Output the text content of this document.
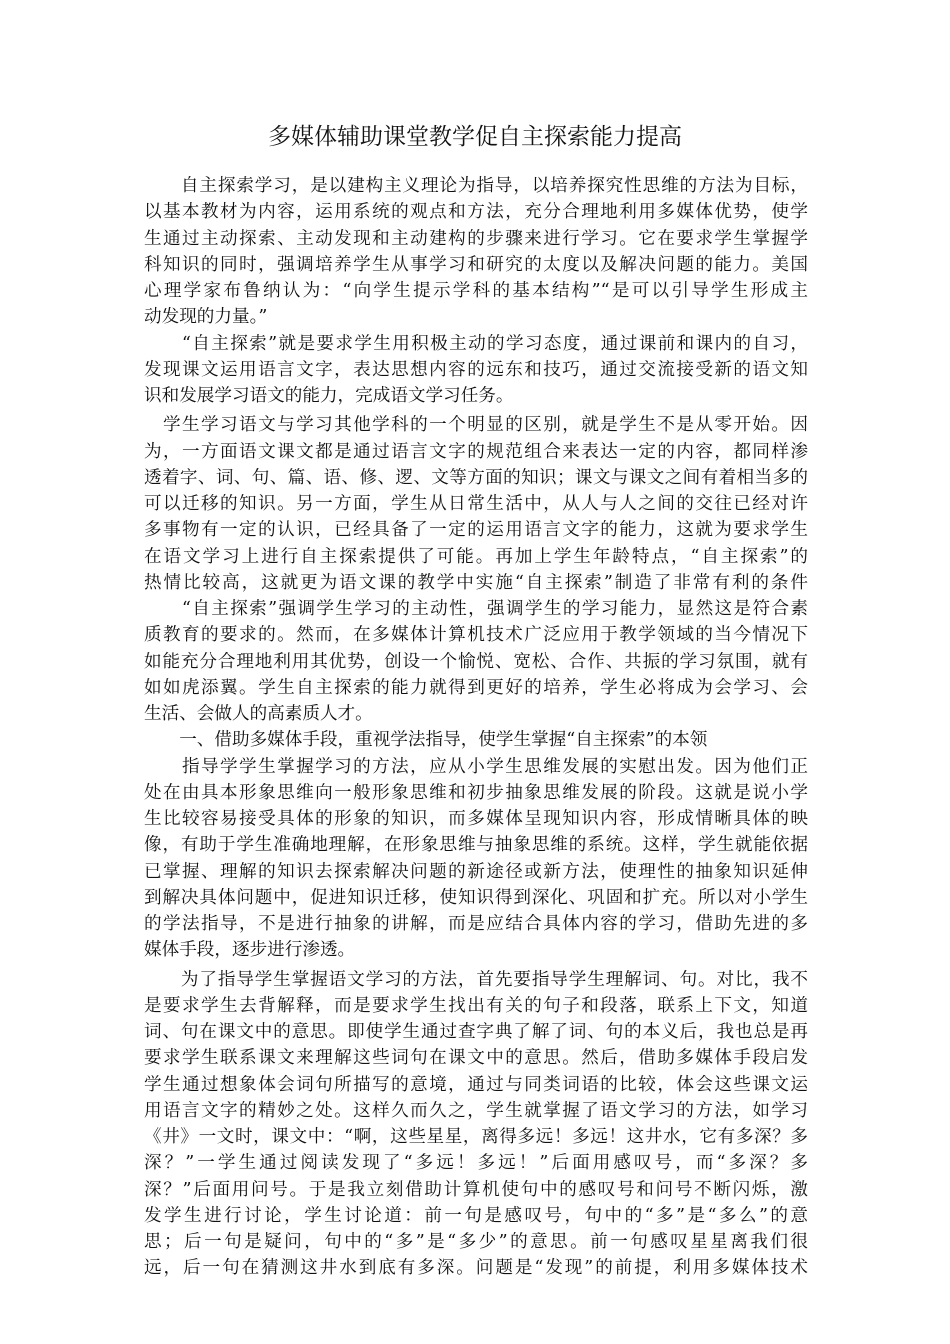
多媒体辅助课堂教学促自主探索能力提高
　　自主探索学习，是以建构主义理论为指导，以培养探究性思维的方法为目标，
以基本教材为内容，运用系统的观点和方法，充分合理地利用多媒体优势，使学
生通过主动探索、主动发现和主动建构的步骤来进行学习。它在要求学生掌握学
科知识的同时，强调培养学生从事学习和研究的太度以及解决问题的能力。美国
心理学家布鲁纳认为：“向学生提示学科的基本结构”“是可以引导学生形成主
动发现的力量。”
　　“自主探索”就是要求学生用积极主动的学习态度，通过课前和课内的自习，
发现课文运用语言文字，表达思想内容的远东和技巧，通过交流接受新的语文知
识和发展学习语文的能力，完成语文学习任务。
　学生学习语文与学习其他学科的一个明显的区别，就是学生不是从零开始。因
为，一方面语文课文都是通过语言文字的规范组合来表达一定的内容，都同样渗
透着字、词、句、篇、语、修、逻、文等方面的知识；课文与课文之间有着相当多的
可以迁移的知识。另一方面，学生从日常生活中，从人与人之间的交往已经对许
多事物有一定的认识，已经具备了一定的运用语言文字的能力，这就为要求学生
在语文学习上进行自主探索提供了可能。再加上学生年龄特点，“自主探索”的
热情比较高，这就更为语文课的教学中实施“自主探索”制造了非常有利的条件
　　“自主探索”强调学生学习的主动性，强调学生的学习能力，显然这是符合素
质教育的要求的。然而，在多媒体计算机技术广泛应用于教学领域的当今情况下
如能充分合理地利用其优势，创设一个愉悦、宽松、合作、共振的学习氛围，就有
如如虎添翼。学生自主探索的能力就得到更好的培养，学生必将成为会学习、会
生活、会做人的高素质人才。
　　一、借助多媒体手段，重视学法指导，使学生掌握“自主探索”的本领
　　指导学学生掌握学习的方法，应从小学生思维发展的实慰出发。因为他们正
处在由具本形象思维向一般形象思维和初步抽象思维发展的阶段。这就是说小学
生比较容易接受具体的形象的知识，而多媒体呈现知识内容，形成情晰具体的映
像，有助于学生准确地理解，在形象思维与抽象思维的系统。这样，学生就能依据
已掌握、理解的知识去探索解决问题的新途径或新方法，使理性的抽象知识延伸
到解决具体问题中，促进知识迁移，使知识得到深化、巩固和扩充。所以对小学生
的学法指导，不是进行抽象的讲解，而是应结合具体内容的学习，借助先进的多
媒体手段，逐步进行渗透。
　　为了指导学生掌握语文学习的方法，首先要指导学生理解词、句。对比，我不
是要求学生去背解释，而是要求学生找出有关的句子和段落，联系上下文，知道
词、句在课文中的意思。即使学生通过查字典了解了词、句的本义后，我也总是再
要求学生联系课文来理解这些词句在课文中的意思。然后，借助多媒体手段启发
学生通过想象体会词句所描写的意境，通过与同类词语的比较，体会这些课文运
用语言文字的精妙之处。这样久而久之，学生就掌握了语文学习的方法，如学习
《井》一文时，课文中：“啊，这些星星，离得多远！多远！这井水，它有多深？多
深？”一学生通过阅读发现了“多远！多远！”后面用感叹号，而“多深？多
深？”后面用问号。于是我立刻借助计算机使句中的感叹号和问号不断闪烁，激
发学生进行讨论，学生讨论道：前一句是感叹号，句中的“多”是“多么”的意
思；后一句是疑问，句中的“多”是“多少”的意思。前一句感叹星星离我们很
远，后一句在猜测这井水到底有多深。问题是“发现”的前提，利用多媒体技术
